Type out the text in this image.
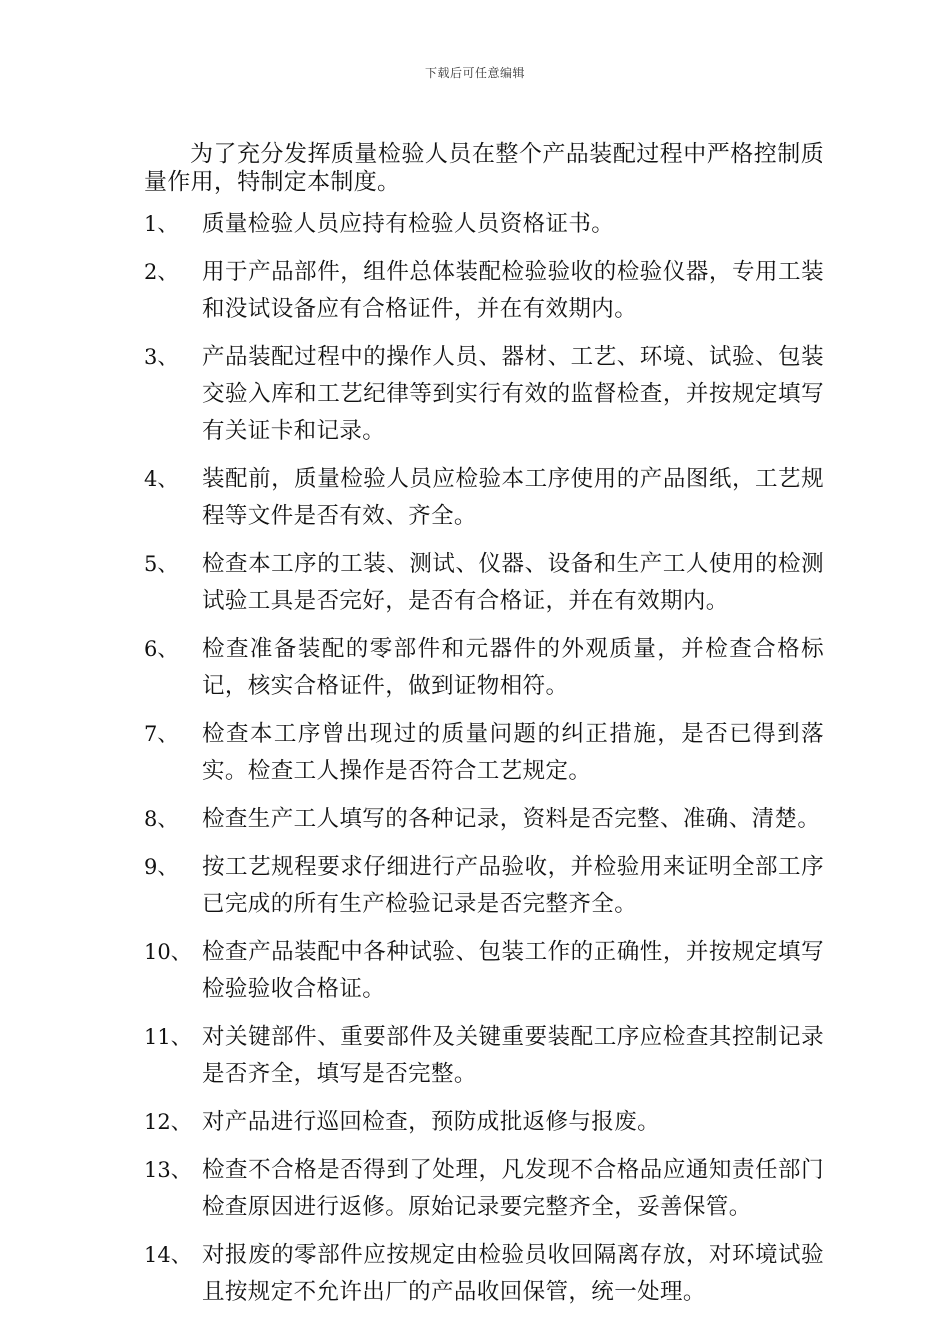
下载后可任意编辑

为了充分发挥质量检验人员在整个产品装配过程中严格控制质量作用，特制定本制度。

1、	质量检验人员应持有检验人员资格证书。
2、	用于产品部件，组件总体装配检验验收的检验仪器，专用工装和没试设备应有合格证件，并在有效期内。
3、	产品装配过程中的操作人员、器材、工艺、环境、试验、包装交验入库和工艺纪律等到实行有效的监督检查，并按规定填写有关证卡和记录。
4、	装配前，质量检验人员应检验本工序使用的产品图纸，工艺规程等文件是否有效、齐全。
5、	检查本工序的工装、测试、仪器、设备和生产工人使用的检测试验工具是否完好，是否有合格证，并在有效期内。
6、	检查准备装配的零部件和元器件的外观质量，并检查合格标记，核实合格证件，做到证物相符。
7、	检查本工序曾出现过的质量问题的纠正措施，是否已得到落实。检查工人操作是否符合工艺规定。
8、	检查生产工人填写的各种记录，资料是否完整、准确、清楚。
9、	按工艺规程要求仔细进行产品验收，并检验用来证明全部工序已完成的所有生产检验记录是否完整齐全。
10、 检查产品装配中各种试验、包装工作的正确性，并按规定填写检验验收合格证。
11、 对关键部件、重要部件及关键重要装配工序应检查其控制记录是否齐全，填写是否完整。
12、 对产品进行巡回检查，预防成批返修与报废。
13、 检查不合格是否得到了处理，凡发现不合格品应通知责任部门检查原因进行返修。原始记录要完整齐全，妥善保管。
14、 对报废的零部件应按规定由检验员收回隔离存放，对环境试验且按规定不允许出厂的产品收回保管，统一处理。
